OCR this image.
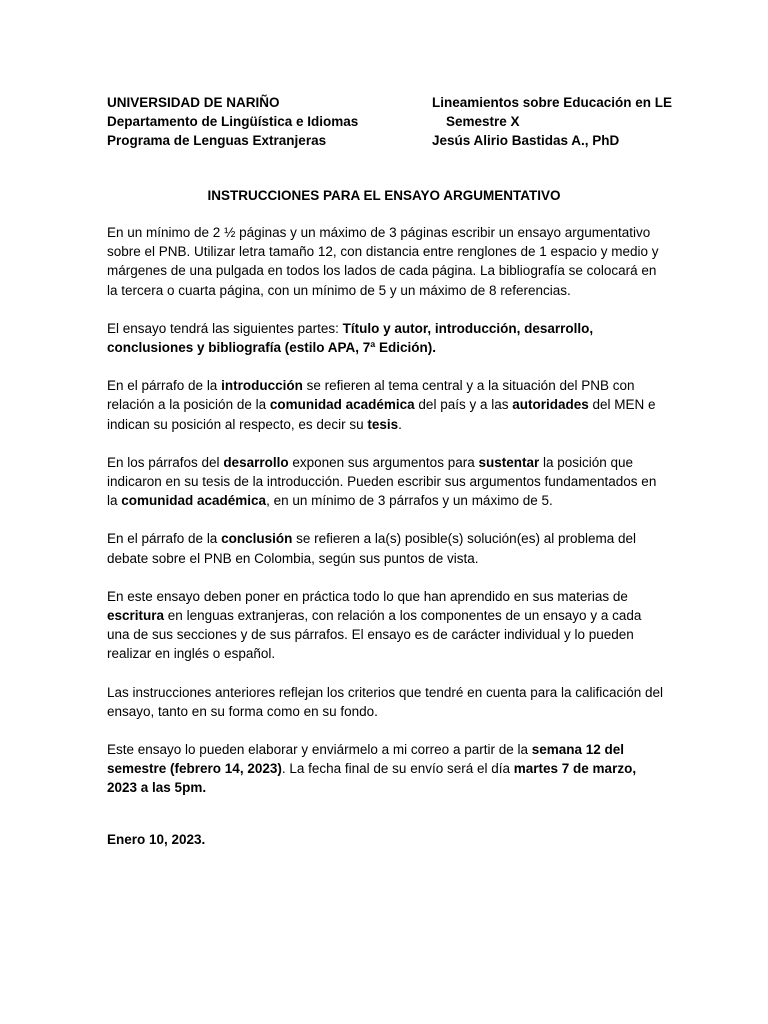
UNIVERSIDAD DE NARIÑO
Departamento de Lingüística e Idiomas
Programa de Lenguas Extranjeras
Lineamientos sobre Educación en LE
Semestre X
Jesús Alirio Bastidas A., PhD
INSTRUCCIONES PARA EL ENSAYO ARGUMENTATIVO

En un mínimo de 2 ½ páginas y un máximo de 3 páginas escribir un ensayo argumentativo sobre el PNB. Utilizar letra tamaño 12, con distancia entre renglones de 1 espacio y medio y márgenes de una pulgada en todos los lados de cada página. La bibliografía se colocará en la tercera o cuarta página, con un mínimo de 5 y un máximo de 8 referencias.

El ensayo tendrá las siguientes partes: Título y autor, introducción, desarrollo, conclusiones y bibliografía (estilo APA, 7ª Edición).

En el párrafo de la introducción se refieren al tema central y a la situación del PNB con relación a la posición de la comunidad académica del país y a las autoridades del MEN e indican su posición al respecto, es decir su tesis.

En los párrafos del desarrollo exponen sus argumentos para sustentar la posición que indicaron en su tesis de la introducción. Pueden escribir sus argumentos fundamentados en la comunidad académica, en un mínimo de 3 párrafos y un máximo de 5.

En el párrafo de la conclusión se refieren a la(s) posible(s) solución(es) al problema del debate sobre el PNB en Colombia, según sus puntos de vista.

En este ensayo deben poner en práctica todo lo que han aprendido en sus materias de escritura en lenguas extranjeras, con relación a los componentes de un ensayo y a cada una de sus secciones y de sus párrafos. El ensayo es de carácter individual y lo pueden realizar en inglés o español.

Las instrucciones anteriores reflejan los criterios que tendré en cuenta para la calificación del ensayo, tanto en su forma como en su fondo.

Este ensayo lo pueden elaborar y enviármelo a mi correo a partir de la semana 12 del semestre (febrero 14, 2023). La fecha final de su envío será el día martes 7 de marzo, 2023 a las 5pm.

Enero 10, 2023.
